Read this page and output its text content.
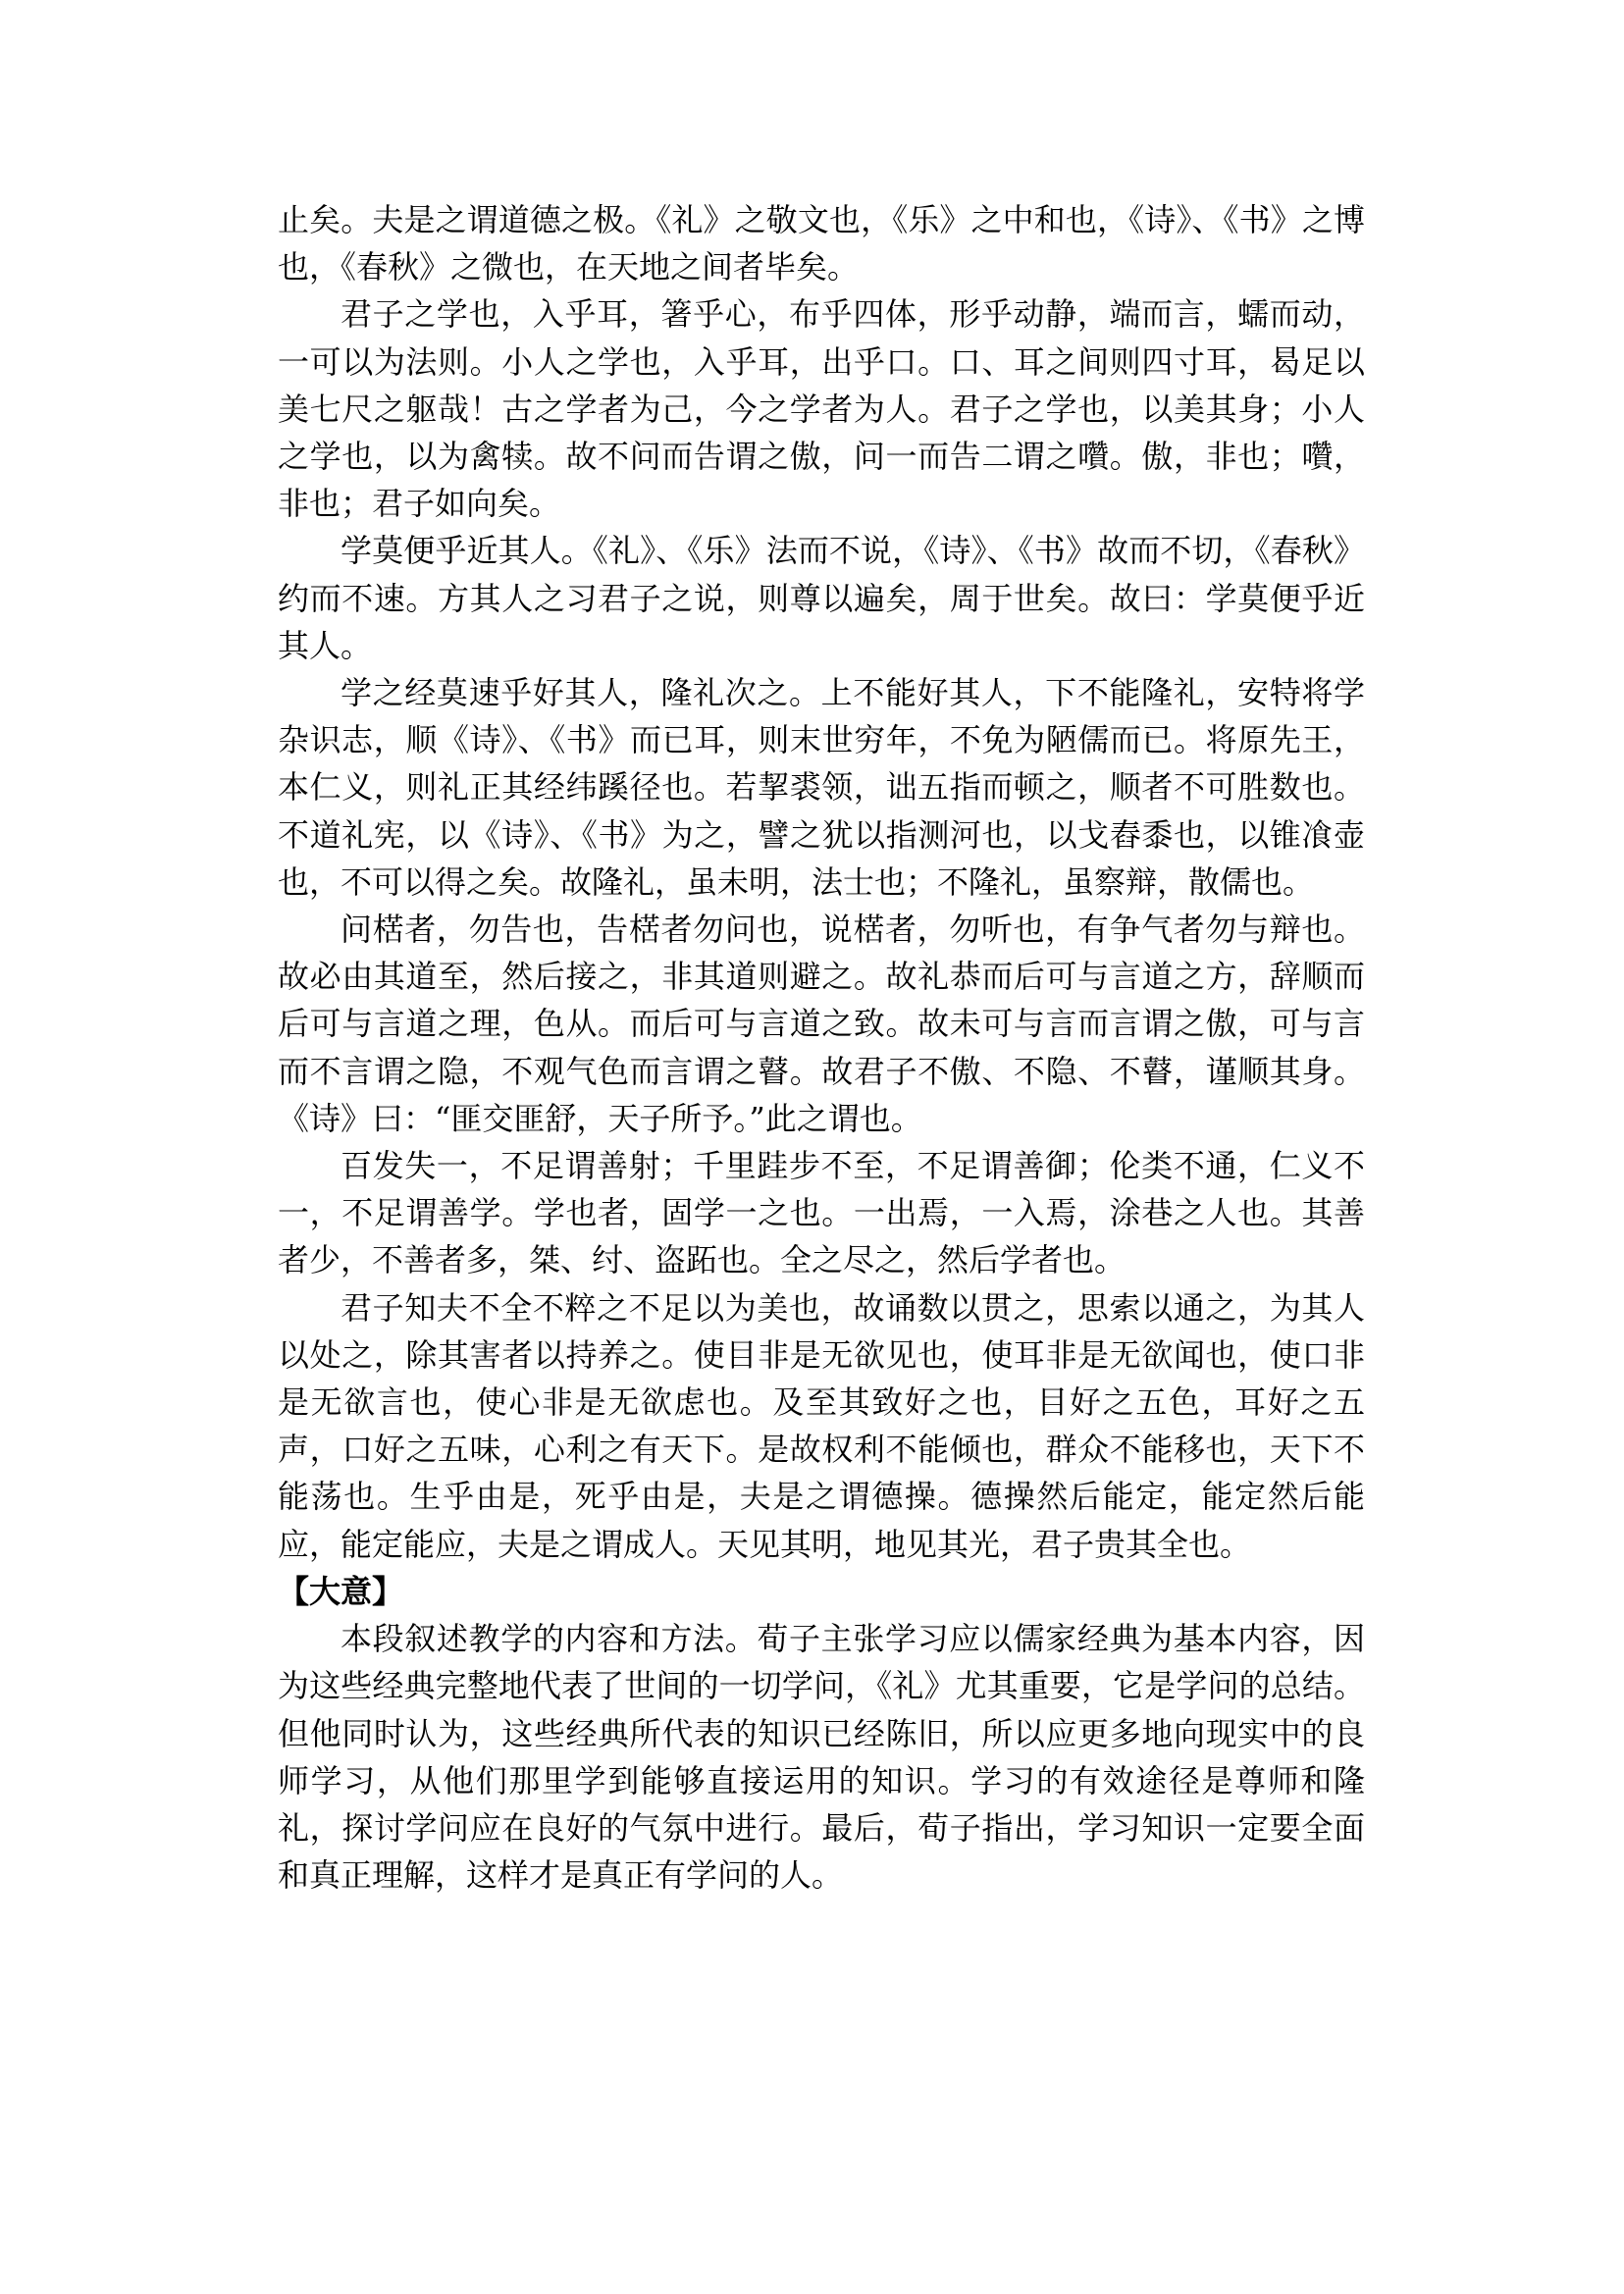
止矣。夫是之谓道德之极。《礼》之敬文也，《乐》之中和也，《诗》、《书》之博也，《春秋》之微也，在天地之间者毕矣。

君子之学也，入乎耳，箸乎心，布乎四体，形乎动静，端而言，蠕而动，一可以为法则。小人之学也，入乎耳，出乎口。口、耳之间则四寸耳，曷足以美七尺之躯哉！古之学者为己，今之学者为人。君子之学也，以美其身；小人之学也，以为禽犊。故不问而告谓之傲，问一而告二谓之囋。傲，非也；囋，非也；君子如向矣。

学莫便乎近其人。《礼》、《乐》法而不说，《诗》、《书》故而不切，《春秋》约而不速。方其人之习君子之说，则尊以遍矣，周于世矣。故曰：学莫便乎近其人。

学之经莫速乎好其人，隆礼次之。上不能好其人，下不能隆礼，安特将学杂识志，顺《诗》、《书》而已耳，则末世穷年，不免为陋儒而已。将原先王，本仁义，则礼正其经纬蹊径也。若挈裘领，诎五指而顿之，顺者不可胜数也。不道礼宪，以《诗》、《书》为之，譬之犹以指测河也，以戈舂黍也，以锥飡壶也，不可以得之矣。故隆礼，虽未明，法士也；不隆礼，虽察辩，散儒也。

问楛者，勿告也，告楛者勿问也，说楛者，勿听也，有争气者勿与辩也。故必由其道至，然后接之，非其道则避之。故礼恭而后可与言道之方，辞顺而后可与言道之理，色从。而后可与言道之致。故未可与言而言谓之傲，可与言而不言谓之隐，不观气色而言谓之瞽。故君子不傲、不隐、不瞽，谨顺其身。《诗》曰：“匪交匪舒，天子所予。”此之谓也。

百发失一，不足谓善射；千里跬步不至，不足谓善御；伦类不通，仁义不一，不足谓善学。学也者，固学一之也。一出焉，一入焉，涂巷之人也。其善者少，不善者多，桀、纣、盗跖也。全之尽之，然后学者也。

君子知夫不全不粹之不足以为美也，故诵数以贯之，思索以通之，为其人以处之，除其害者以持养之。使目非是无欲见也，使耳非是无欲闻也，使口非是无欲言也，使心非是无欲虑也。及至其致好之也，目好之五色，耳好之五声，口好之五味，心利之有天下。是故权利不能倾也，群众不能移也，天下不能荡也。生乎由是，死乎由是，夫是之谓德操。德操然后能定，能定然后能应，能定能应，夫是之谓成人。天见其明，地见其光，君子贵其全也。

【大意】

本段叙述教学的内容和方法。荀子主张学习应以儒家经典为基本内容，因为这些经典完整地代表了世间的一切学问，《礼》尤其重要，它是学问的总结。但他同时认为，这些经典所代表的知识已经陈旧，所以应更多地向现实中的良师学习，从他们那里学到能够直接运用的知识。学习的有效途径是尊师和隆礼，探讨学问应在良好的气氛中进行。最后，荀子指出，学习知识一定要全面和真正理解，这样才是真正有学问的人。
